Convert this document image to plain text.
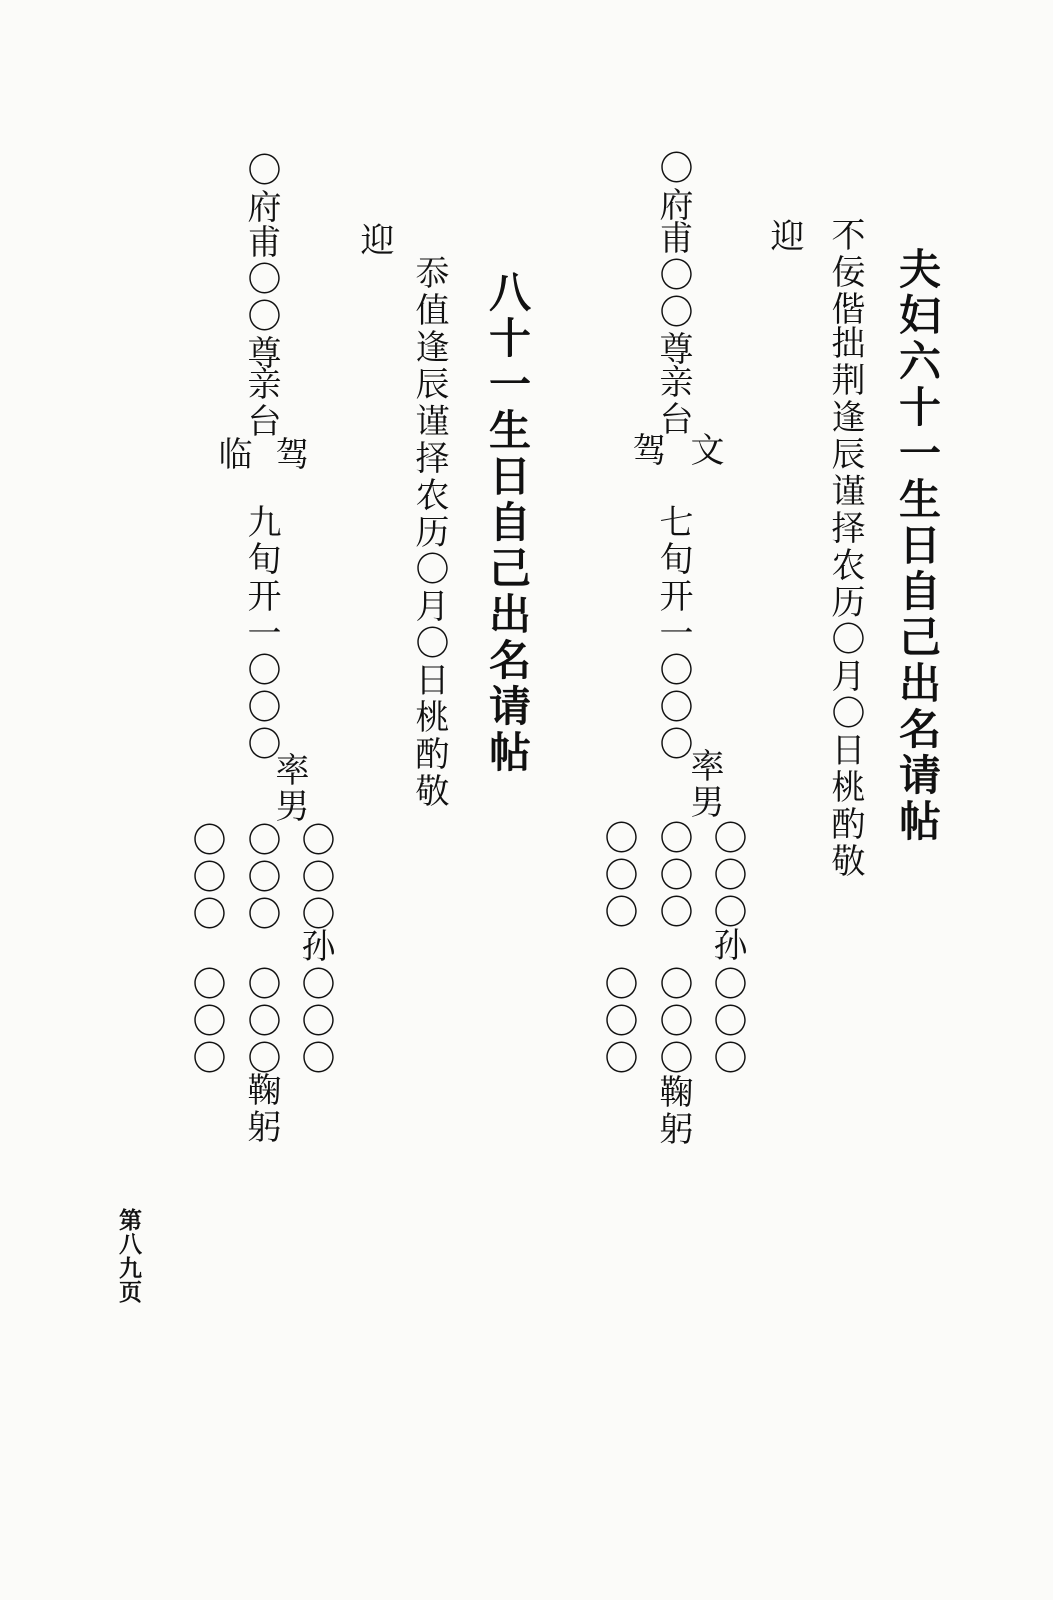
夫妇六十一生日自己出名请帖
不佞偕
拙荆逢辰谨择农历〇月〇日桃酌敬
迎
〇府
甫〇〇尊
亲台
文
驾
七旬开一〇〇〇
率
男
〇〇〇
〇〇〇
〇〇〇
孙
〇〇〇
〇〇〇
〇〇〇
鞠躬
八十一生日自己出名请帖
忝值逢辰谨择农历〇月〇日桃酌敬
迎
〇府
甫〇〇尊
亲台
驾
临
九旬开一〇〇〇
率
男
〇〇〇
〇〇〇
〇〇〇
孙
〇〇〇
〇〇〇
〇〇〇
鞠躬
第八九页
